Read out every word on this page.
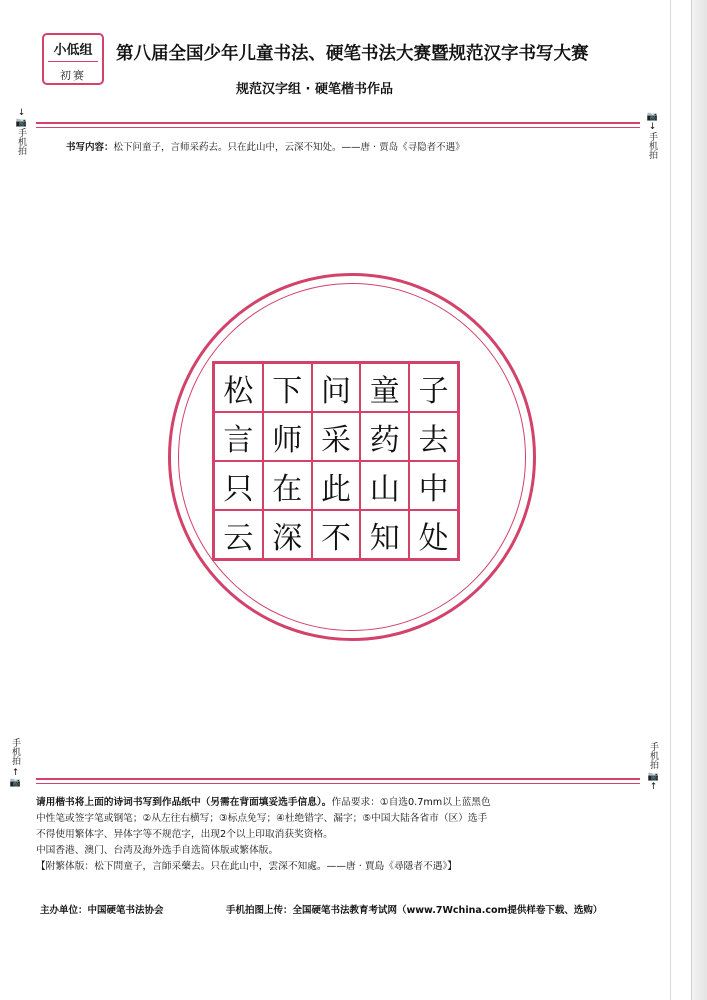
小低组
初赛
第八届全国少年儿童书法、硬笔书法大赛暨规范汉字书写大赛
规范汉字组 · 硬笔楷书作品
↓📷
手机拍
📷↓
手机拍
书写内容：松下问童子，言师采药去。只在此山中，云深不知处。——唐 · 贾岛《寻隐者不遇》
松 下 问 童 子
言 师 采 药 去
只 在 此 山 中
云 深 不 知 处
手机拍
↑📷
手机拍
📷↑
请用楷书将上面的诗词书写到作品纸中（另需在背面填妥选手信息）。作品要求：①自选0.7mm以上蓝黑色
中性笔或签字笔或钢笔；②从左往右横写；③标点免写；④杜绝错字、漏字；⑤中国大陆各省市（区）选手
不得使用繁体字、异体字等不规范字，出现2个以上印取消获奖资格。
中国香港、澳门、台湾及海外选手自选简体版或繁体版。
【附繁体版：松下問童子，言師采藥去。只在此山中，雲深不知處。——唐 · 賈島《尋隱者不遇》】
主办单位：中国硬笔书法协会	手机拍图上传：全国硬笔书法教育考试网（www.7Wchina.com提供样卷下载、选购）
